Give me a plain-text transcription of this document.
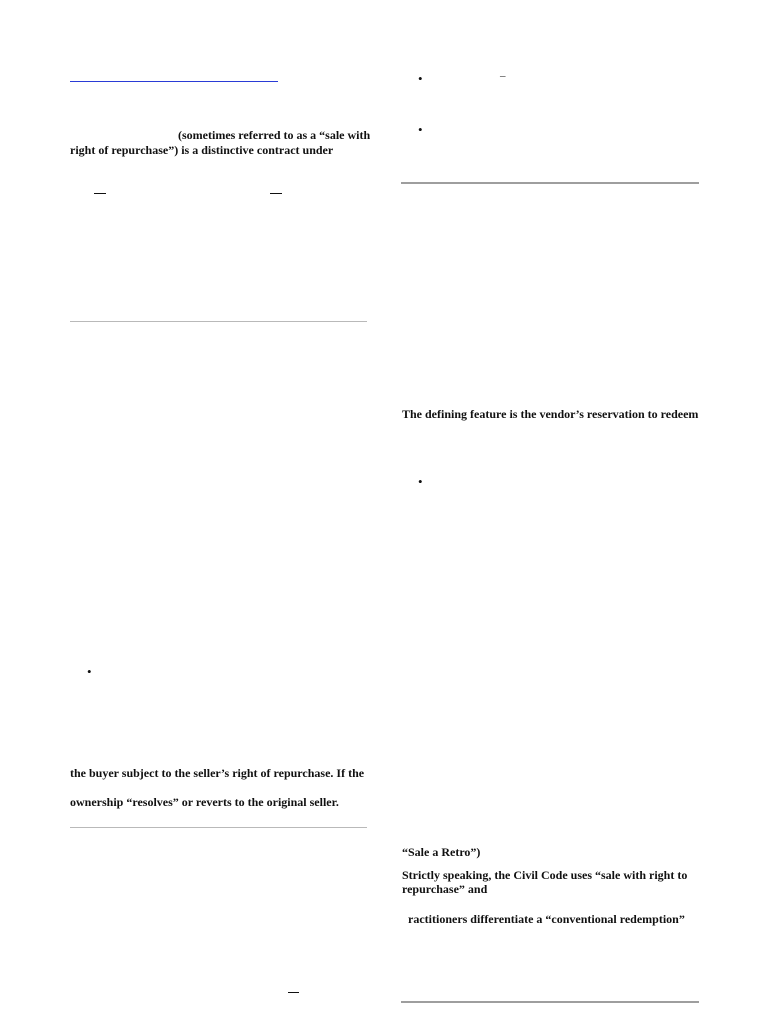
(sometimes referred to as a “sale with
right of repurchase”) is a distinctive contract under
•
the buyer subject to the seller’s right of repurchase. If the
ownership “resolves” or reverts to the original seller.
•	–
•
The defining feature is the vendor’s reservation to redeem
•
“Sale a Retro”)
Strictly speaking, the Civil Code uses “sale with right to
repurchase” and
ractitioners differentiate a “conventional redemption”
